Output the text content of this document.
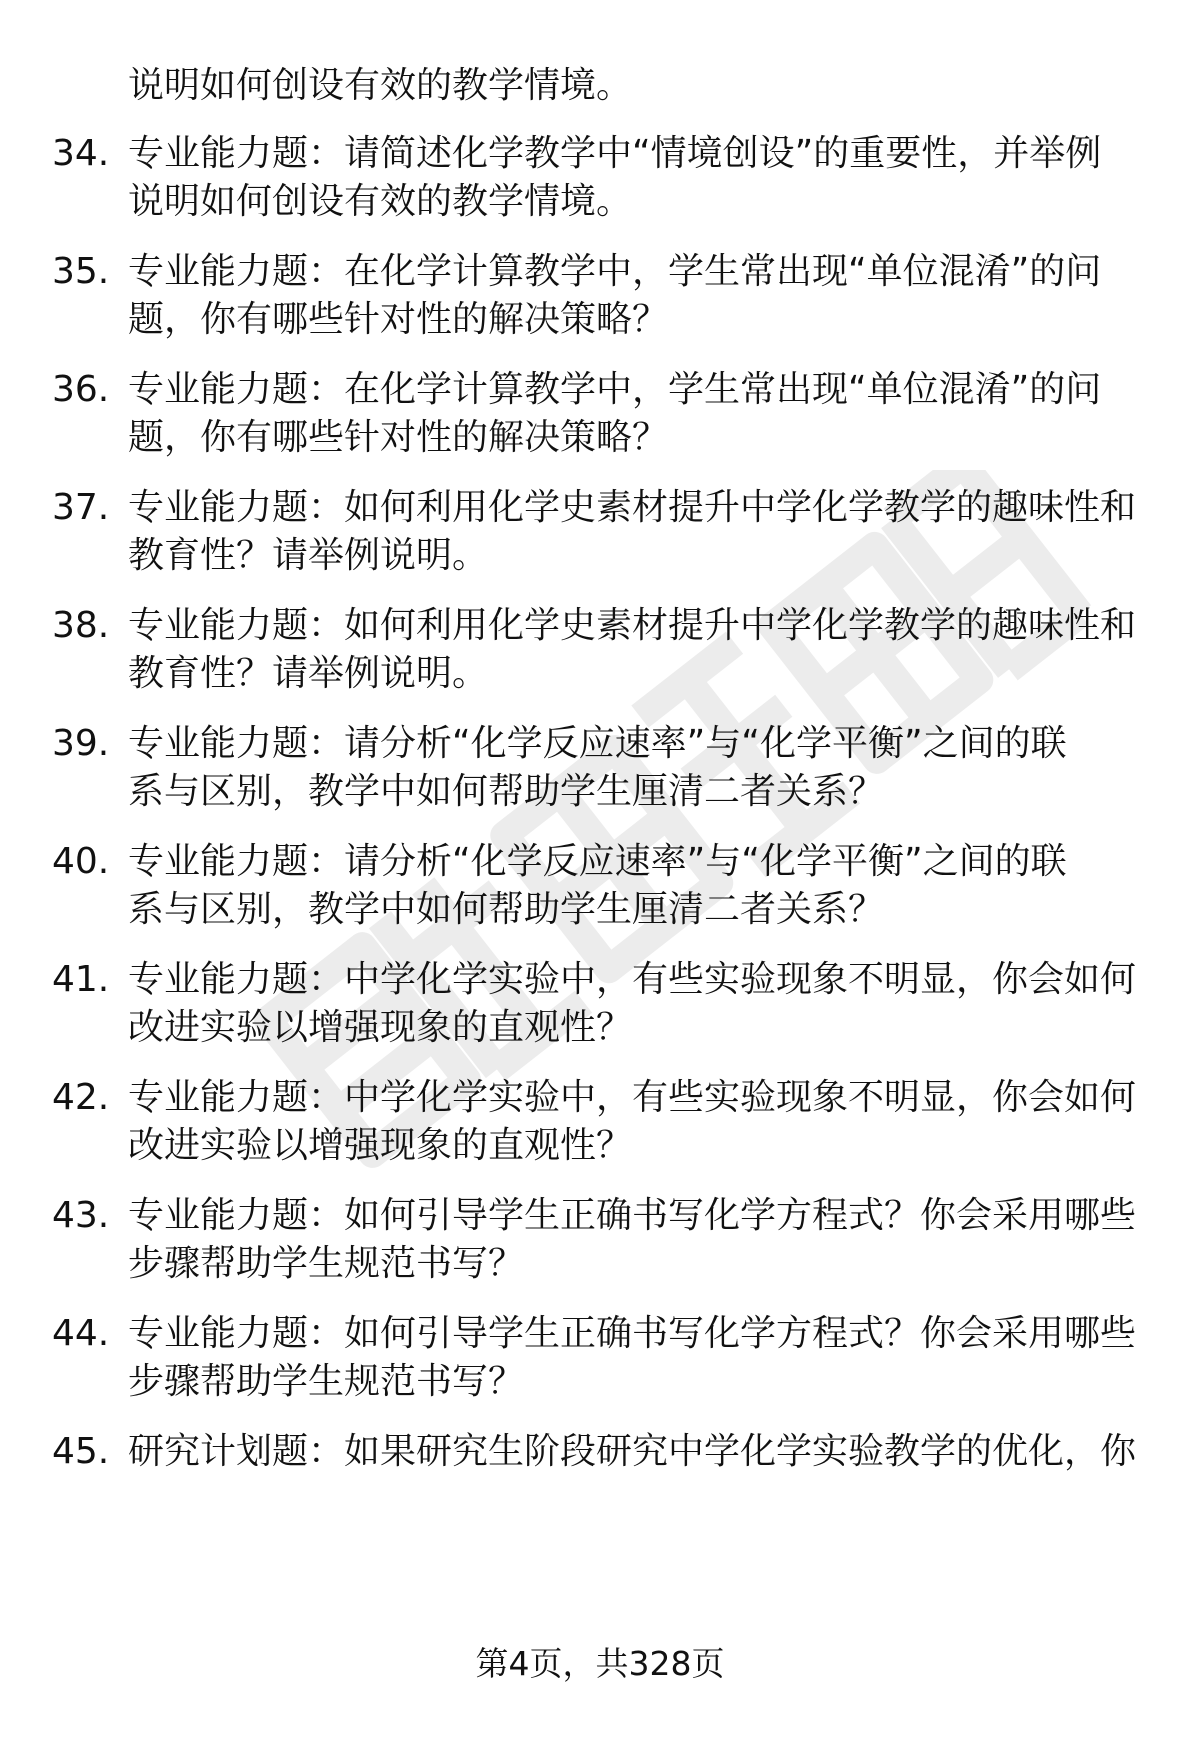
说明如何创设有效的教学情境。
34. 专业能力题：请简述化学教学中“情境创设”的重要性，并举例
说明如何创设有效的教学情境。
35. 专业能力题：在化学计算教学中，学生常出现“单位混淆”的问
题，你有哪些针对性的解决策略？
36. 专业能力题：在化学计算教学中，学生常出现“单位混淆”的问
题，你有哪些针对性的解决策略？
37. 专业能力题：如何利用化学史素材提升中学化学教学的趣味性和
教育性？请举例说明。
38. 专业能力题：如何利用化学史素材提升中学化学教学的趣味性和
教育性？请举例说明。
39. 专业能力题：请分析“化学反应速率”与“化学平衡”之间的联
系与区别，教学中如何帮助学生厘清二者关系？
40. 专业能力题：请分析“化学反应速率”与“化学平衡”之间的联
系与区别，教学中如何帮助学生厘清二者关系？
41. 专业能力题：中学化学实验中，有些实验现象不明显，你会如何
改进实验以增强现象的直观性？
42. 专业能力题：中学化学实验中，有些实验现象不明显，你会如何
改进实验以增强现象的直观性？
43. 专业能力题：如何引导学生正确书写化学方程式？你会采用哪些
步骤帮助学生规范书写？
44. 专业能力题：如何引导学生正确书写化学方程式？你会采用哪些
步骤帮助学生规范书写？
45. 研究计划题：如果研究生阶段研究中学化学实验教学的优化，你
第4页，共328页
